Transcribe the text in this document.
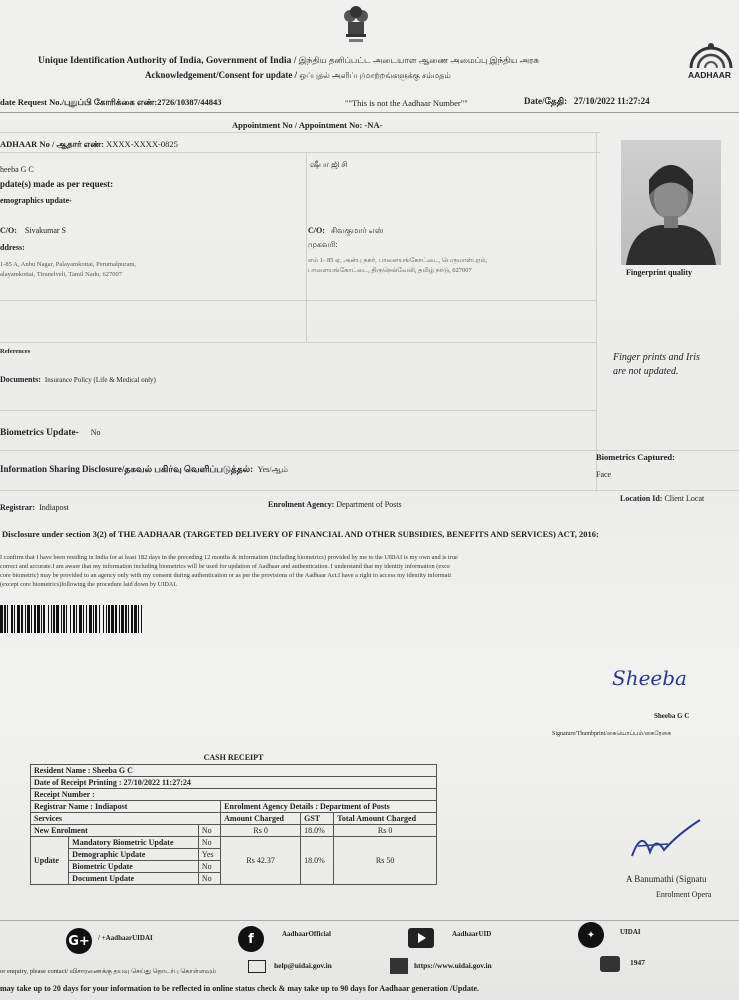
Unique Identification Authority of India, Government of India / இந்திய தனிப்பட்ட அடையாள ஆணை அமைப்பு இந்திய அரசு
Acknowledgement/Consent for update / ஒப்புதல் அளிப்பு/மாற்றங்களுக்கு சம்மதம்	AADHAAR
date Request No./புதுப்பி கோரிக்கை எண்:2726/10387/44843	""This is not the Aadhaar Number""	Date/தேதி: 27/10/2022 11:27:24
Appointment No / Appointment No: -NA-
ADHAAR No / ஆதார் எண்: XXXX-XXXX-0825
heeba G C
ஷீபா ஜி சி
pdate(s) made as per request:
emographics update-
C/O: Sivakumar S	C/O: சிவகுமார் எஸ்
ddress:	முகவரி:
1-85 A, Anbu Nagar, Palayamkottai, Perumalpuram,
alayamkottai, Tirunelveli, Tamil Nadu, 627007
எம் 1- 85 ஏ, அன்பு நகர், பாளையங்கோட்டை, பெருமாள்புரம்,
பாளையங்கோட்டை, திருநெல்வேலி, தமிழ் நாடு, 627007	Fingerprint quality
Finger prints and Iris
are not updated.
References
Documents: Insurance Policy (Life & Medical only)
Biometrics Update- No
Information Sharing Disclosure/தகவல் பகிர்வு வெளிப்படுத்தல்: Yes/ஆம்
Biometrics Captured:
Face
Registrar: Indiapost	Enrolment Agency: Department of Posts
Location Id: Client Locat
Disclosure under section 3(2) of THE AADHAAR (TARGETED DELIVERY OF FINANCIAL AND OTHER SUBSIDIES, BENEFITS AND SERVICES) ACT, 2016:
I confirm that I have been residing in India for at least 182 days in the preceding 12 months & information (including biometrics) provided by me to the UIDAI is my own and is true
correct and accurate.I am aware that my information including biometrics will be used for updation of Aadhaar and authentication. I understand that my identity information (exce
core biometric) may be provided to an agency only with my consent during authentication or as per the provisions of the Aadhaar Act.I have a right to access my identity informati
(except core biometrics)following the procedure laid down by UIDAI.
Sheeba
Sheeba G C
Signature/Thumbprint/கையொப்பம்/கைரேகை
CASH RECEIPT					
Resident Name : Sheeba G C					
Date of Receipt Printing : 27/10/2022 11:27:24					
Receipt Number :					
Registrar Name : Indiapost			Enrolment Agency Details : Department of Posts		
Services			Amount Charged	GST	Total Amount Charged
New Enrolment		No	Rs 0	18.0%	Rs 0
Update	Mandatory Biometric Update	No	Rs 42.37	18.0%	Rs 50
	Demographic Update	Yes			
	Biometric Update	No			
	Document Update	No				A Banumathi (Signatu
Enrolment Opera
G+	/ +AadhaarUIDAI	f	AadhaarOfficial	AadhaarUID	✦	UIDAI
or enquiry, please contact/ விசாரணைக்கு தயவு செய்து தொடர்பு கொள்ளவும்
help@uidai.gov.in	https://www.uidai.gov.in	1947
may take up to 20 days for your information to be reflected in online status check & may take up to 90 days for Aadhaar generation /Update.
